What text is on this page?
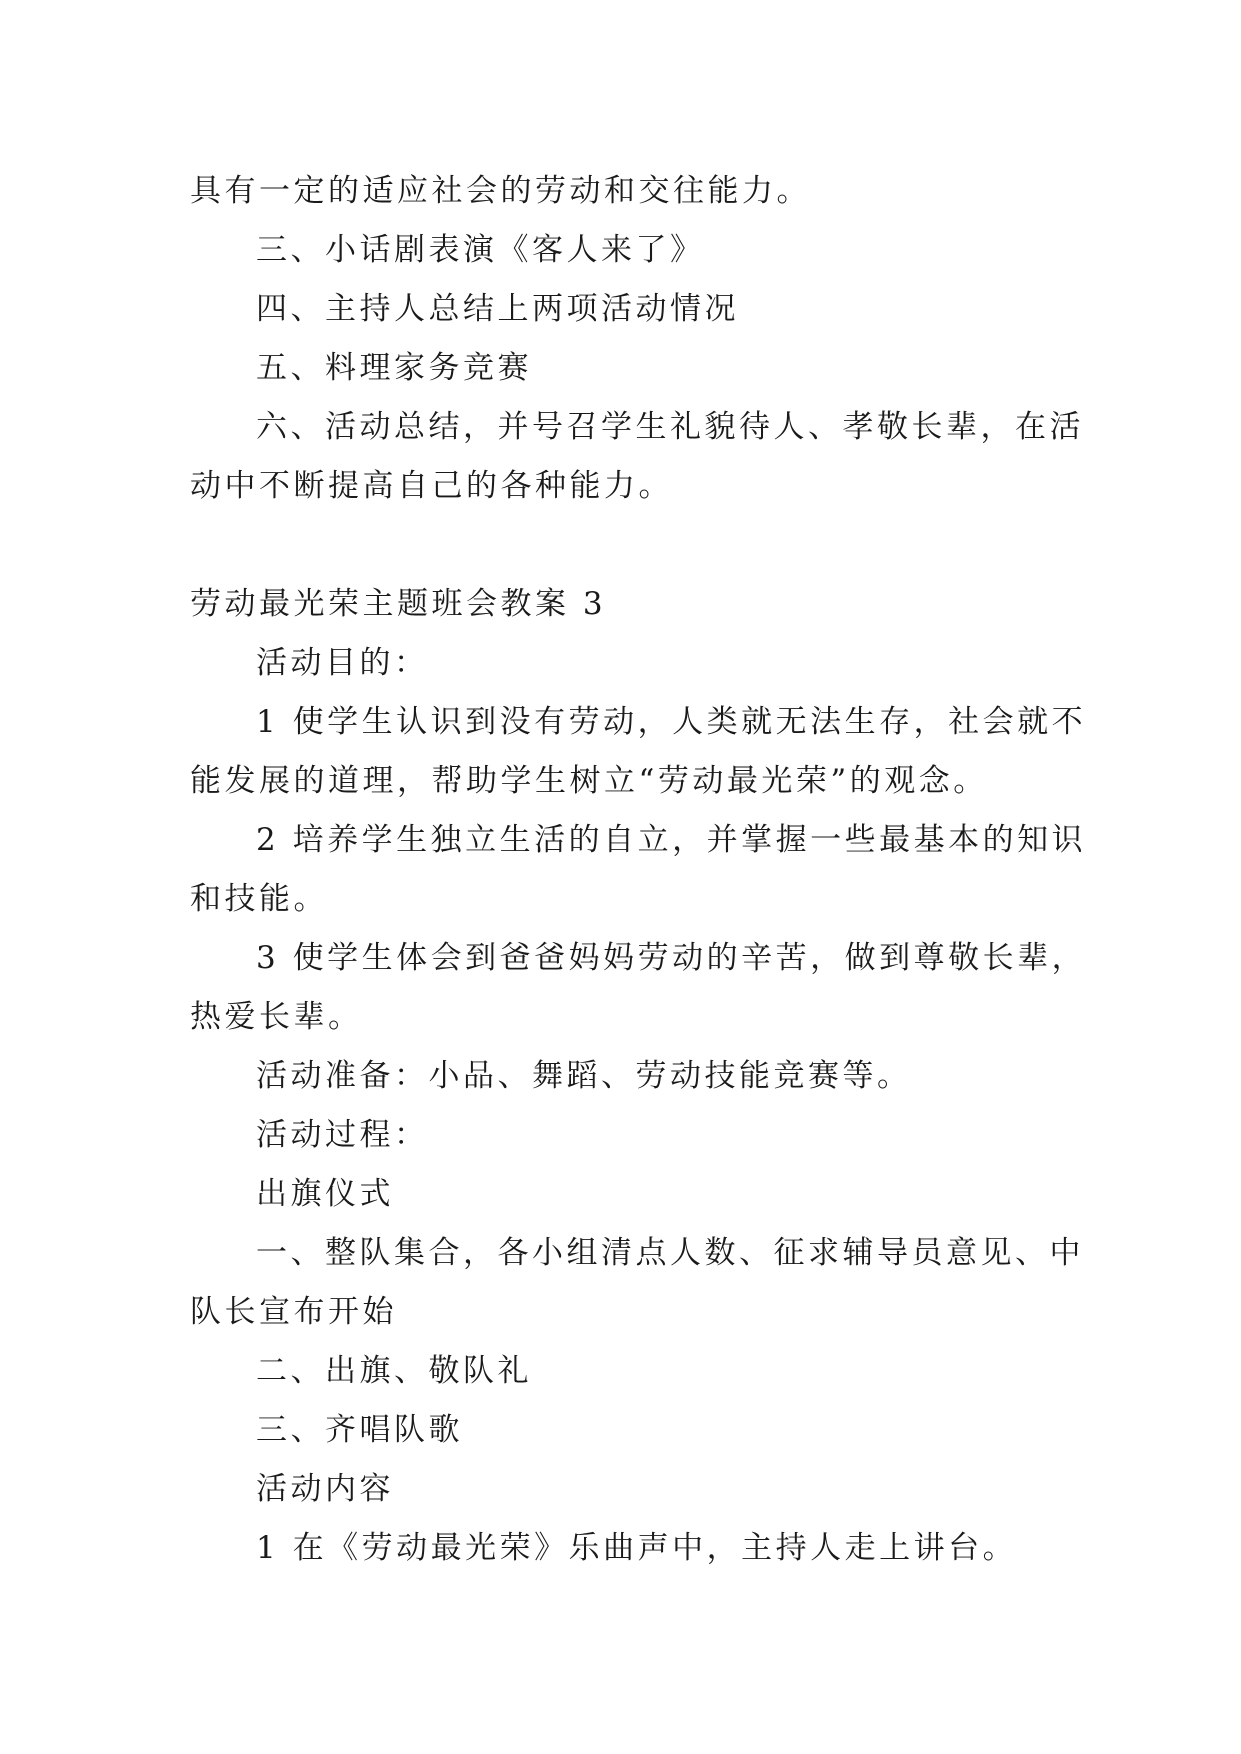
具有一定的适应社会的劳动和交往能力。
三、小话剧表演《客人来了》
四、主持人总结上两项活动情况
五、料理家务竞赛
六、活动总结，并号召学生礼貌待人、孝敬长辈，在活
动中不断提高自己的各种能力。
劳动最光荣主题班会教案 3
活动目的：
1 使学生认识到没有劳动，人类就无法生存，社会就不
能发展的道理，帮助学生树立“劳动最光荣”的观念。
2 培养学生独立生活的自立，并掌握一些最基本的知识
和技能。
3 使学生体会到爸爸妈妈劳动的辛苦，做到尊敬长辈，
热爱长辈。
活动准备：小品、舞蹈、劳动技能竞赛等。
活动过程：
出旗仪式
一、整队集合，各小组清点人数、征求辅导员意见、中
队长宣布开始
二、出旗、敬队礼
三、齐唱队歌
活动内容
1 在《劳动最光荣》乐曲声中，主持人走上讲台。
